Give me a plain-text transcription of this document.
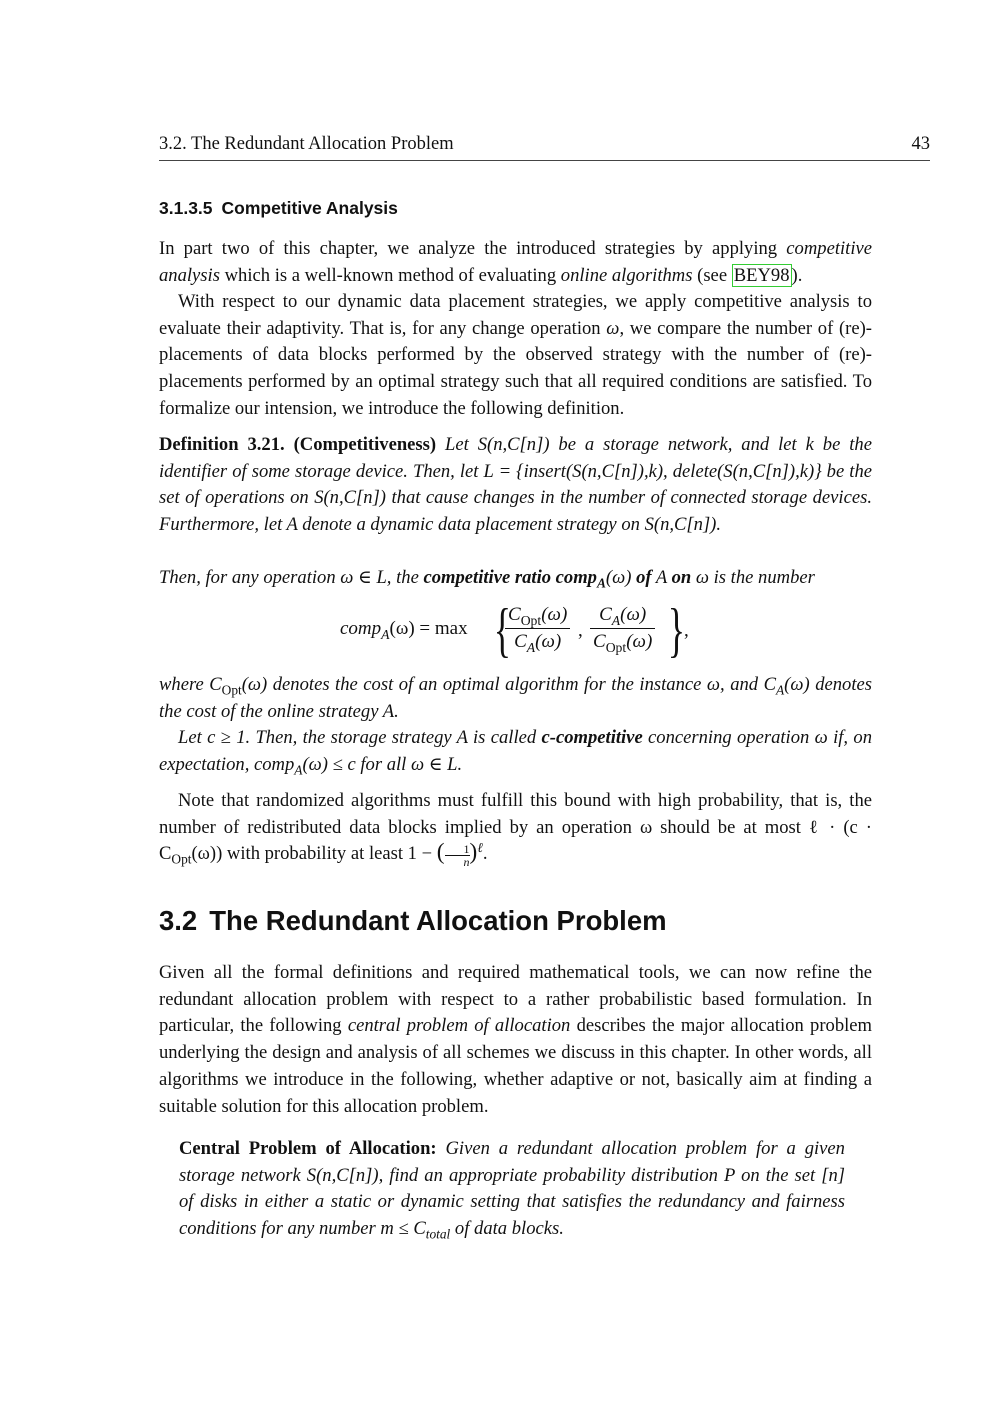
3.2. The Redundant Allocation Problem	43
3.1.3.5 Competitive Analysis
In part two of this chapter, we analyze the introduced strategies by applying competitive analysis which is a well-known method of evaluating online algorithms (see BEY98 ).
With respect to our dynamic data placement strategies, we apply competitive analysis to evaluate their adaptivity. That is, for any change operation ω, we compare the number of (re)-placements of data blocks performed by the observed strategy with the number of (re)-placements performed by an optimal strategy such that all required conditions are satisfied. To formalize our intension, we introduce the following definition.
Definition 3.21. (Competitiveness) Let S(n,C[n]) be a storage network, and let k be the identifier of some storage device. Then, let L = {insert(S(n,C[n]),k), delete(S(n,C[n]),k)} be the set of operations on S(n,C[n]) that cause changes in the number of connected storage devices. Furthermore, let A denote a dynamic data placement strategy on S(n,C[n]).
Then, for any operation ω ∈ L, the competitive ratio comp$_A$(ω) of A on ω is the number
comp$_A$(ω) = max {
$C_{Opt}(\omega)$
$C_A(\omega)$
,
$C_A(\omega)$
$C_{Opt}(\omega)$ }
,
where $C_{Opt}(\omega)$ denotes the cost of an optimal algorithm for the instance ω, and $C_A(\omega)$ denotes the cost of the online strategy A.
Let c ≥ 1. Then, the storage strategy A is called c-competitive concerning operation ω if, on expectation, comp$_A$(ω) ≤ c for all ω ∈ L.
Note that randomized algorithms must fulfill this bound with high probability, that is, the number of redistributed data blocks implied by an operation ω should be at most ℓ · $(c \cdot C_{Opt}(\omega))$ with probability at least 1 − ( $\frac{1}{n} )^\ell$.
3.2 The Redundant Allocation Problem
Given all the formal definitions and required mathematical tools, we can now refine the redundant allocation problem with respect to a rather probabilistic based formulation. In particular, the following central problem of allocation describes the major allocation problem underlying the design and analysis of all schemes we discuss in this chapter. In other words, all algorithms we introduce in the following, whether adaptive or not, basically aim at finding a suitable solution for this allocation problem.
Central Problem of Allocation: Given a redundant allocation problem for a given storage network S(n,C[n]), find an appropriate probability distribution P on the set [n] of disks in either a static or dynamic setting that satisfies the redundancy and fairness conditions for any number $m \le C_{total}$ of data blocks.
